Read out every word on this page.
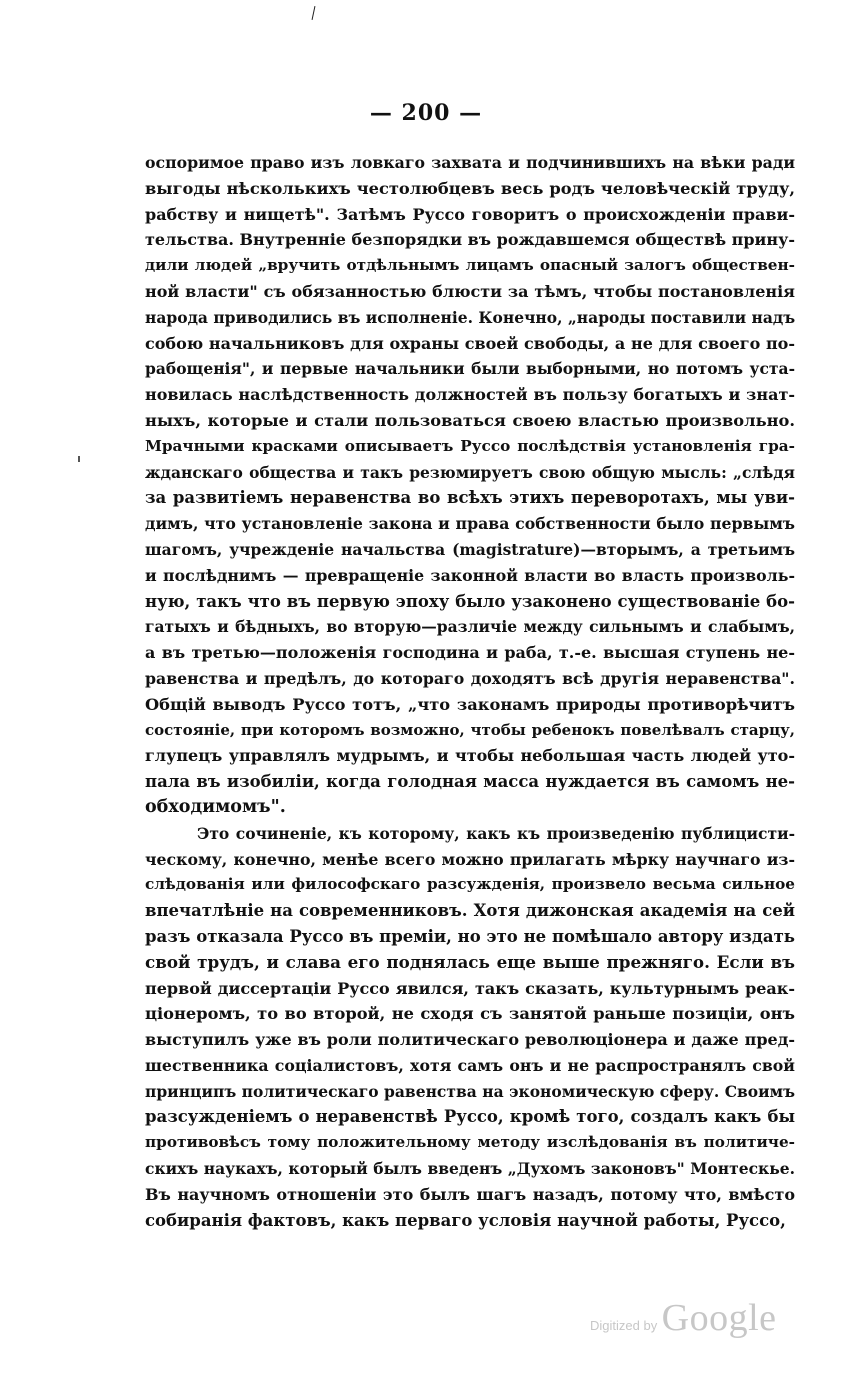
— 200 —
оспоримое право изъ ловкаго захвата и подчинившихъ на вѣки ради
выгоды нѣсколькихъ честолюбцевъ весь родъ человѣческій труду,
рабству и нищетѣ". Затѣмъ Руссо говоритъ о происхожденіи прави-
тельства. Внутренніе безпорядки въ рождавшемся обществѣ прину-
дили людей „вручить отдѣльнымъ лицамъ опасный залогъ обществен-
ной власти" съ обязанностью блюсти за тѣмъ, чтобы постановленія
народа приводились въ исполненіе. Конечно, „народы поставили надъ
собою начальниковъ для охраны своей свободы, а не для своего по-
рабощенія", и первые начальники были выборными, но потомъ уста-
новилась наслѣдственность должностей въ пользу богатыхъ и знат-
ныхъ, которые и стали пользоваться своею властью произвольно.
Мрачными красками описываетъ Руссо послѣдствія установленія гра-
жданскаго общества и такъ резюмируетъ свою общую мысль: „слѣдя
за развитіемъ неравенства во всѣхъ этихъ переворотахъ, мы уви-
димъ, что установленіе закона и права собственности было первымъ
шагомъ, учрежденіе начальства (magistrature)—вторымъ, а третьимъ
и послѣднимъ — превращеніе законной власти во власть произволь-
ную, такъ что въ первую эпоху было узаконено существованіе бо-
гатыхъ и бѣдныхъ, во вторую—различіе между сильнымъ и слабымъ,
а въ третью—положенія господина и раба, т.-е. высшая ступень не-
равенства и предѣлъ, до котораго доходятъ всѣ другія неравенства".
Общій выводъ Руссо тотъ, „что законамъ природы противорѣчитъ
состояніе, при которомъ возможно, чтобы ребенокъ повелѣвалъ старцу,
глупецъ управлялъ мудрымъ, и чтобы небольшая часть людей уто-
пала въ изобиліи, когда голодная масса нуждается въ самомъ не-
обходимомъ".
Это сочиненіе, къ которому, какъ къ произведенію публицисти-
ческому, конечно, менѣе всего можно прилагать мѣрку научнаго из-
слѣдованія или философскаго разсужденія, произвело весьма сильное
впечатлѣніе на современниковъ. Хотя дижонская академія на сей
разъ отказала Руссо въ преміи, но это не помѣшало автору издать
свой трудъ, и слава его поднялась еще выше прежняго. Если въ
первой диссертаціи Руссо явился, такъ сказать, культурнымъ реак-
ціонеромъ, то во второй, не сходя съ занятой раньше позиціи, онъ
выступилъ уже въ роли политическаго революціонера и даже пред-
шественника соціалистовъ, хотя самъ онъ и не распространялъ свой
принципъ политическаго равенства на экономическую сферу. Своимъ
разсужденіемъ о неравенствѣ Руссо, кромѣ того, создалъ какъ бы
противовѣсъ тому положительному методу изслѣдованія въ политиче-
скихъ наукахъ, который былъ введенъ „Духомъ законовъ" Монтескье.
Въ научномъ отношеніи это былъ шагъ назадъ, потому что, вмѣсто
собиранія фактовъ, какъ перваго условія научной работы, Руссо,
Digitized by Google
